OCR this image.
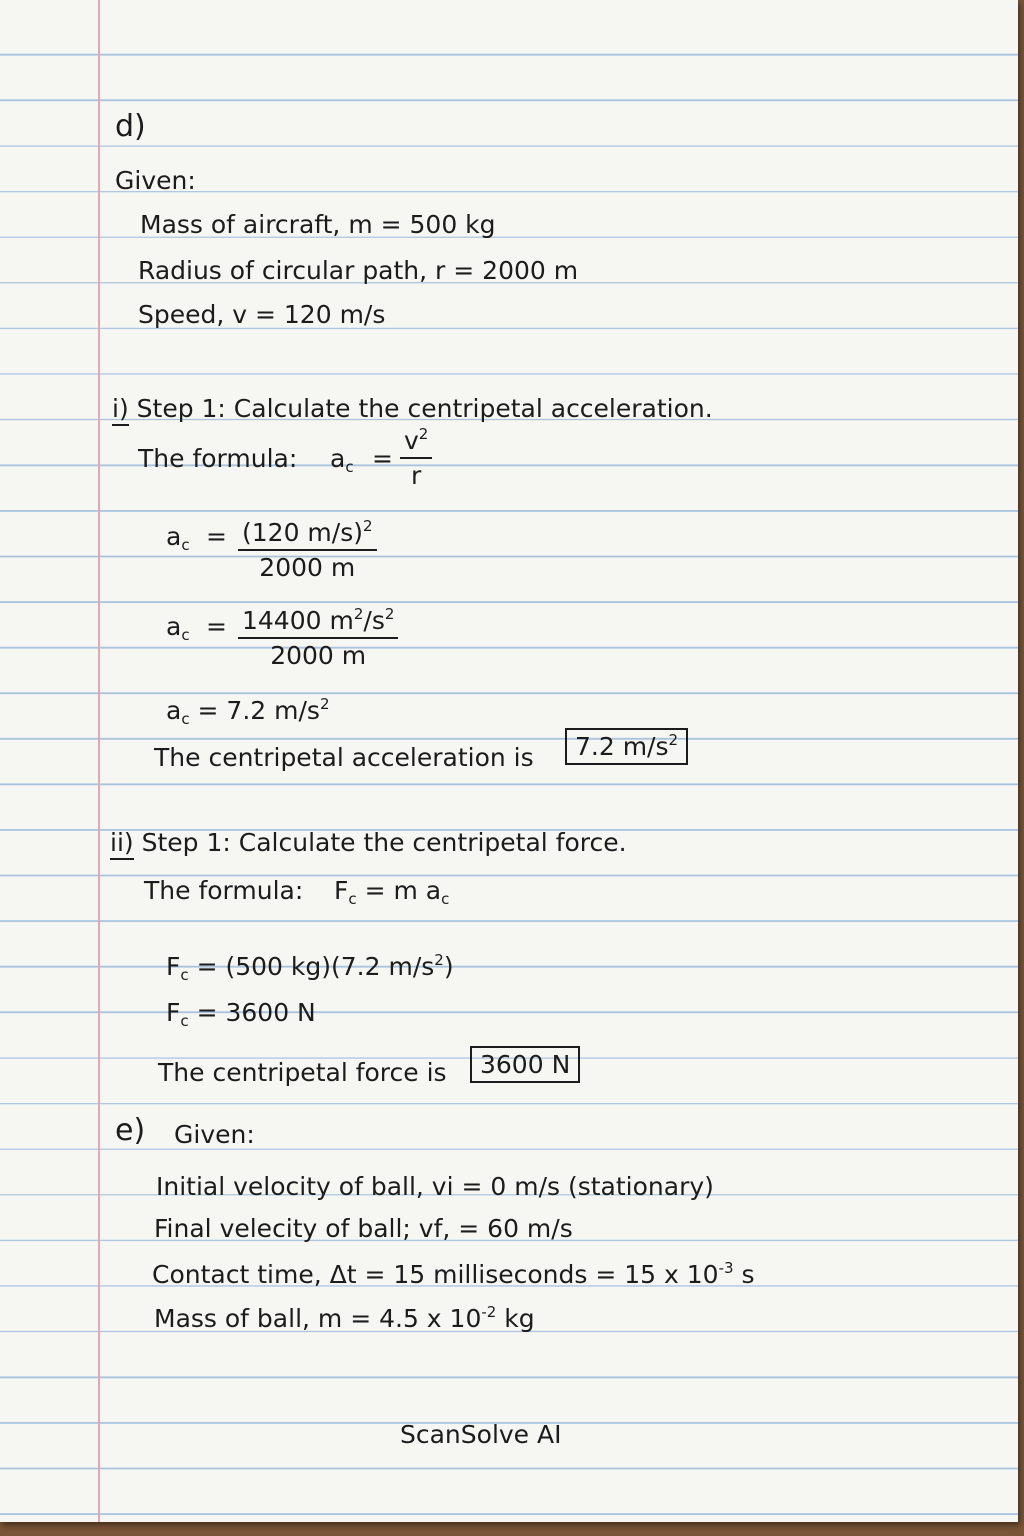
d)
Given:
Mass of aircraft, m = 500 kg
Radius of circular path, r = 2000 m
Speed, v = 120 m/s
i) Step 1: Calculate the centripetal acceleration.
The formula: $a_c$ =
$v^2$
r
$a_c = (120$ m/s)$^2$
2000 m
$a_c = 14400$ $m^2/s^2$
2000 m
$a_c = 7.2$ $m/s^2$
The centripetal acceleration is	7.2 $m/s^2$
ii) Step 1: Calculate the centripetal force.
The formula: $F_c = m$ $a_c$
$F_c = (500$ kg)(7.2 $m/s^2$)
$F_c = 3600$ N
The centripetal force is	3600 N
e) Given:
Initial velocity of ball, vi = 0 m/s (stationary)
Final velecity of ball; vf, = 60 m/s
Contact time, Δt = 15 milliseconds = 15 x $10^{-3}$ s
Mass of ball, m = 4.5 x $10^{-2}$ kg
ScanSolve AI
